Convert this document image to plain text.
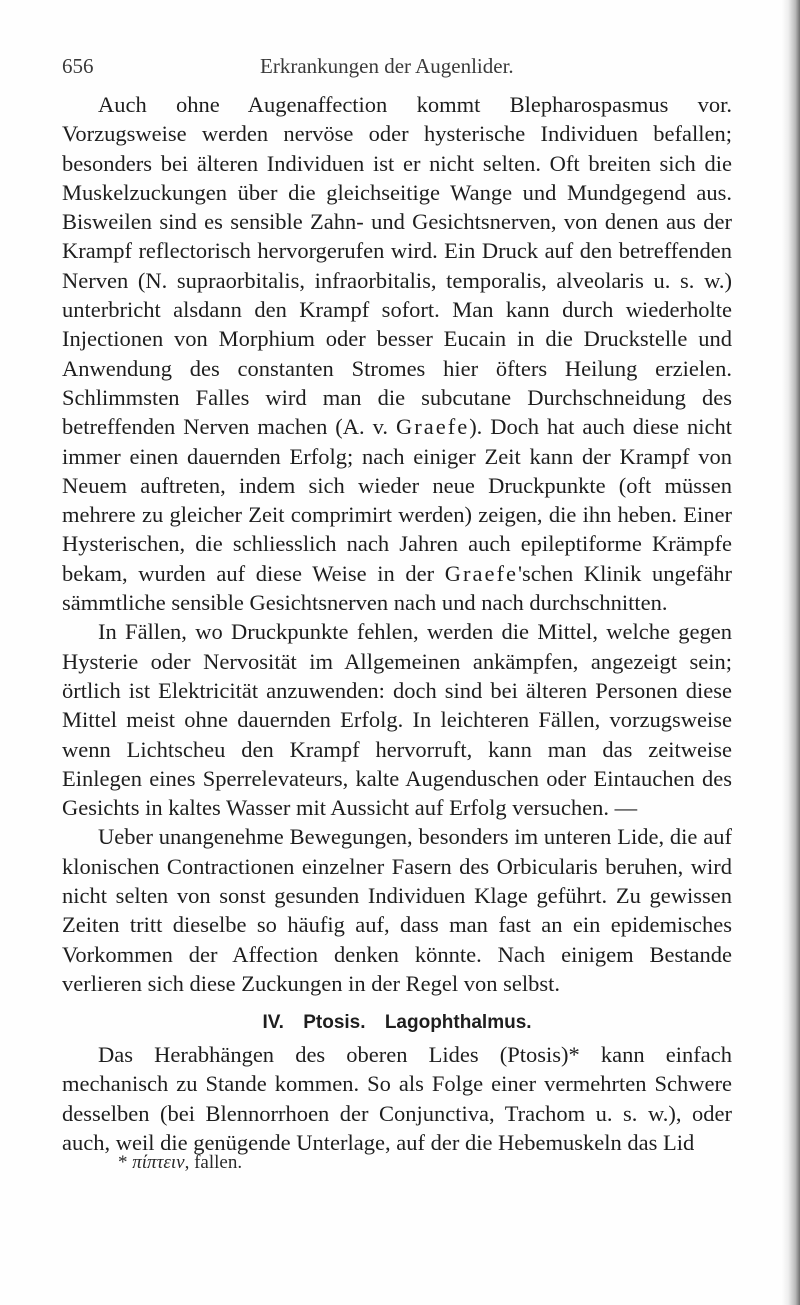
656	Erkrankungen der Augenlider.

Auch ohne Augenaffection kommt Blepharospasmus vor. Vorzugsweise werden nervöse oder hysterische Individuen befallen; besonders bei älteren Individuen ist er nicht selten. Oft breiten sich die Muskelzuckungen über die gleichseitige Wange und Mundgegend aus. Bisweilen sind es sensible Zahn- und Gesichtsnerven, von denen aus der Krampf reflectorisch hervorgerufen wird. Ein Druck auf den betreffenden Nerven (N. supraorbitalis, infraorbitalis, temporalis, alveolaris u. s. w.) unterbricht alsdann den Krampf sofort. Man kann durch wiederholte Injectionen von Morphium oder besser Eucain in die Druckstelle und Anwendung des constanten Stromes hier öfters Heilung erzielen. Schlimmsten Falles wird man die subcutane Durchschneidung des betreffenden Nerven machen (A. v. Graefe). Doch hat auch diese nicht immer einen dauernden Erfolg; nach einiger Zeit kann der Krampf von Neuem auftreten, indem sich wieder neue Druckpunkte (oft müssen mehrere zu gleicher Zeit comprimirt werden) zeigen, die ihn heben. Einer Hysterischen, die schliesslich nach Jahren auch epileptiforme Krämpfe bekam, wurden auf diese Weise in der Graefe'schen Klinik ungefähr sämmtliche sensible Gesichtsnerven nach und nach durchschnitten.

In Fällen, wo Druckpunkte fehlen, werden die Mittel, welche gegen Hysterie oder Nervosität im Allgemeinen ankämpfen, angezeigt sein; örtlich ist Elektricität anzuwenden: doch sind bei älteren Personen diese Mittel meist ohne dauernden Erfolg. In leichteren Fällen, vorzugsweise wenn Lichtscheu den Krampf hervorruft, kann man das zeitweise Einlegen eines Sperrelevateurs, kalte Augenduschen oder Eintauchen des Gesichts in kaltes Wasser mit Aussicht auf Erfolg versuchen. —

Ueber unangenehme Bewegungen, besonders im unteren Lide, die auf klonischen Contractionen einzelner Fasern des Orbicularis beruhen, wird nicht selten von sonst gesunden Individuen Klage geführt. Zu gewissen Zeiten tritt dieselbe so häufig auf, dass man fast an ein epidemisches Vorkommen der Affection denken könnte. Nach einigem Bestande verlieren sich diese Zuckungen in der Regel von selbst.

IV. Ptosis. Lagophthalmus.

Das Herabhängen des oberen Lides (Ptosis)* kann einfach mechanisch zu Stande kommen. So als Folge einer vermehrten Schwere desselben (bei Blennorrhoen der Conjunctiva, Trachom u. s. w.), oder auch, weil die genügende Unterlage, auf der die Hebemuskeln das Lid

* πίπτειν, fallen.
